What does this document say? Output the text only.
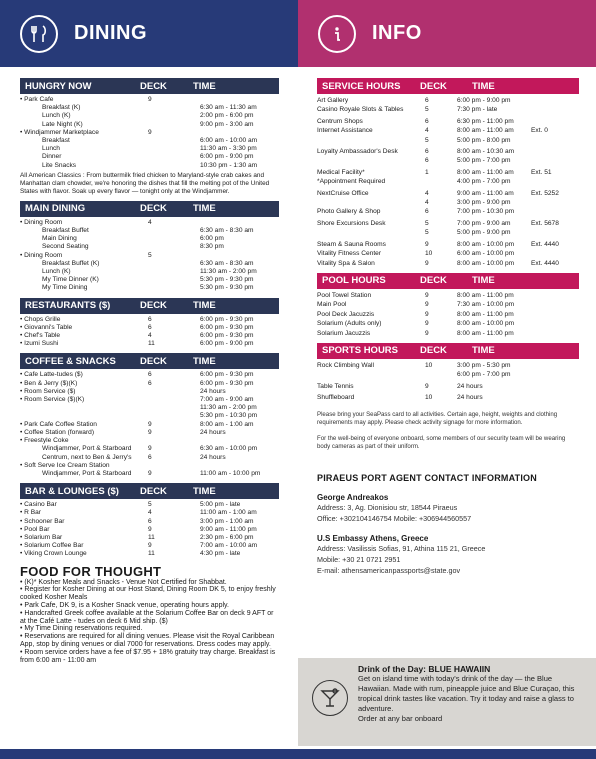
DINING	INFO
HUNGRY NOW	DECK	TIME
• Park Cafe	9
Breakfast (K)	6:30 am - 11:30 am
Lunch (K)	2:00 pm - 6:00 pm
Late Night (K)	9:00 pm - 3:00 am
• Windjammer Marketplace	9
Breakfast	6:00 am - 10:00 am
Lunch	11:30 am - 3:30 pm
Dinner	6:00 pm - 9:00 pm
Lite Snacks	10:30 pm - 1:30 am
All American Classics : From buttermilk fried chicken to Maryland-style crab cakes and Manhattan clam chowder, we're honoring the dishes that fill the melting pot of the United States with flavor. Soak up every flavor — tonight only at the Windjammer.
MAIN DINING	DECK	TIME
• Dining Room	4
Breakfast Buffet	6:30 am - 8:30 am
Main Dining	6:00 pm
Second Seating	8:30 pm
• Dining Room	5
Breakfast Buffet (K)	6:30 am - 8:30 am
Lunch (K)	11:30 am - 2:00 pm
My Time Dinner (K)	5:30 pm - 9:30 pm
My Time Dining	5:30 pm - 9:30 pm
RESTAURANTS ($)	DECK	TIME
• Chops Grille	6	6:00 pm - 9:30 pm
• Giovanni's Table	6	6:00 pm - 9:30 pm
• Chef's Table	4	6:00 pm - 9:30 pm
• Izumi Sushi	11	6:00 pm - 9:00 pm
COFFEE & SNACKS	DECK	TIME
• Cafe Latte-tudes ($)	6	6:00 pm - 9:30 pm
• Ben & Jerry ($)(K)	6	6:00 pm - 9:30 pm
• Room Service ($)	24 hours
• Room Service ($)(K)	7:00 am - 9:00 am
11:30 am - 2:00 pm
5:30 pm - 10:30 pm
• Park Cafe Coffee Station	9	8:00 am - 1:00 am
• Coffee Station (forward)	9	24 hours
• Freestyle Coke
Windjammer, Port & Starboard	9	6:30 am - 10:00 pm
Centrum, next to Ben & Jerry's	6	24 hours
• Soft Serve Ice Cream Station
Windjammer, Port & Starboard	9	11:00 am - 10:00 pm
BAR & LOUNGES ($)	DECK	TIME
• Casino Bar	5	5:00 pm - late
• R Bar	4	11:00 am - 1:00 am
• Schooner Bar	6	3:00 pm - 1:00 am
• Pool Bar	9	9:00 am - 11:00 pm
• Solarium Bar	11	2:30 pm - 6:00 pm
• Solarium Coffee Bar	9	7:00 am - 10:00 am
• Viking Crown Lounge	11	4:30 pm - late
FOOD FOR THOUGHT
• (K)* Kosher Meals and Snacks - Venue Not Certified for Shabbat.
• Register for Kosher Dining at our Host Stand, Dining Room DK 5, to enjoy freshly cooked Kosher Meals
• Park Cafe, DK 9, is a Kosher Snack venue, operating hours apply.
• Handcrafted Greek coffee available at the Solarium Coffee Bar on deck 9 AFT or at the Café Latte - tudes on deck 6 Mid ship. ($)
• My Time Dining reservations required.
• Reservations are required for all dining venues. Please visit the Royal Caribbean App, stop by dining venues or dial 7000 for reservations. Dress codes may apply.
• Room service orders have a fee of $7.95 + 18% gratuity tray charge. Breakfast is from 6:00 am - 11:00 am
SERVICE HOURS	DECK	TIME
Art Gallery	6	6:00 pm - 9:00 pm
Casino Royale Slots & Tables	5	7:30 pm - late
Centrum Shops	6	6:30 pm - 11:00 pm
Internet Assistance	4	8:00 am - 11:00 am	Ext. 0
5	5:00 pm - 8:00 pm
Loyalty Ambassador's Desk	6	8:00 am - 10:30 am
6	5:00 pm - 7:00 pm
Medical Facility*	1	8:00 am - 11:00 am	Ext. 51
*Appointment Required	4:00 pm - 7:00 pm
NextCruise Office	4	9:00 am - 11:00 am	Ext. 5252
4	3:00 pm - 9:00 pm
Photo Gallery & Shop	6	7:00 pm - 10:30 pm
Shore Excursions Desk	5	7:00 pm - 9:00 am	Ext. 5678
5	5:00 pm - 9:00 pm
Steam & Sauna Rooms	9	8:00 am - 10:00 pm	Ext. 4440
Vitality Fitness Center	10	6:00 am - 10:00 pm
Vitality Spa & Salon	9	8:00 am - 10:00 pm	Ext. 4440
POOL HOURS	DECK	TIME
Pool Towel Station	9	8:00 am - 11:00 pm
Main Pool	9	7:30 am - 10:00 pm
Pool Deck Jacuzzis	9	8:00 am - 11:00 pm
Solarium (Adults only)	9	8:00 am - 10:00 pm
Solarium Jacuzzis	9	8:00 am - 11:00 pm
SPORTS HOURS	DECK	TIME
Rock Climbing Wall	10	3:00 pm - 5:30 pm
6:00 pm - 7:00 pm
Table Tennis	9	24 hours
Shuffleboard	10	24 hours
Please bring your SeaPass card to all activities. Certain age, height, weights and clothing requirements may apply. Please check activity signage for more information.
For the well-being of everyone onboard, some members of our security team will be wearing body cameras as part of their uniform.
PIRAEUS PORT AGENT CONTACT INFORMATION
George Andreakos
Address: 3, Ag. Dionisiou str, 18544 Piraeus
Office: +302104146754 Mobile: +306944560557
U.S Embassy Athens, Greece
Address: Vasilissis Sofias, 91, Athina 115 21, Greece
Mobile: +30 21 0721 2951
E-mail: athensamericanpassports@state.gov
Drink of the Day: BLUE HAWAIIN
Get on island time with today's drink of the day — the Blue Hawaiian. Made with rum, pineapple juice and Blue Curaçao, this tropical drink tastes like vacation. Try it today and raise a glass to adventure.
Order at any bar onboard
